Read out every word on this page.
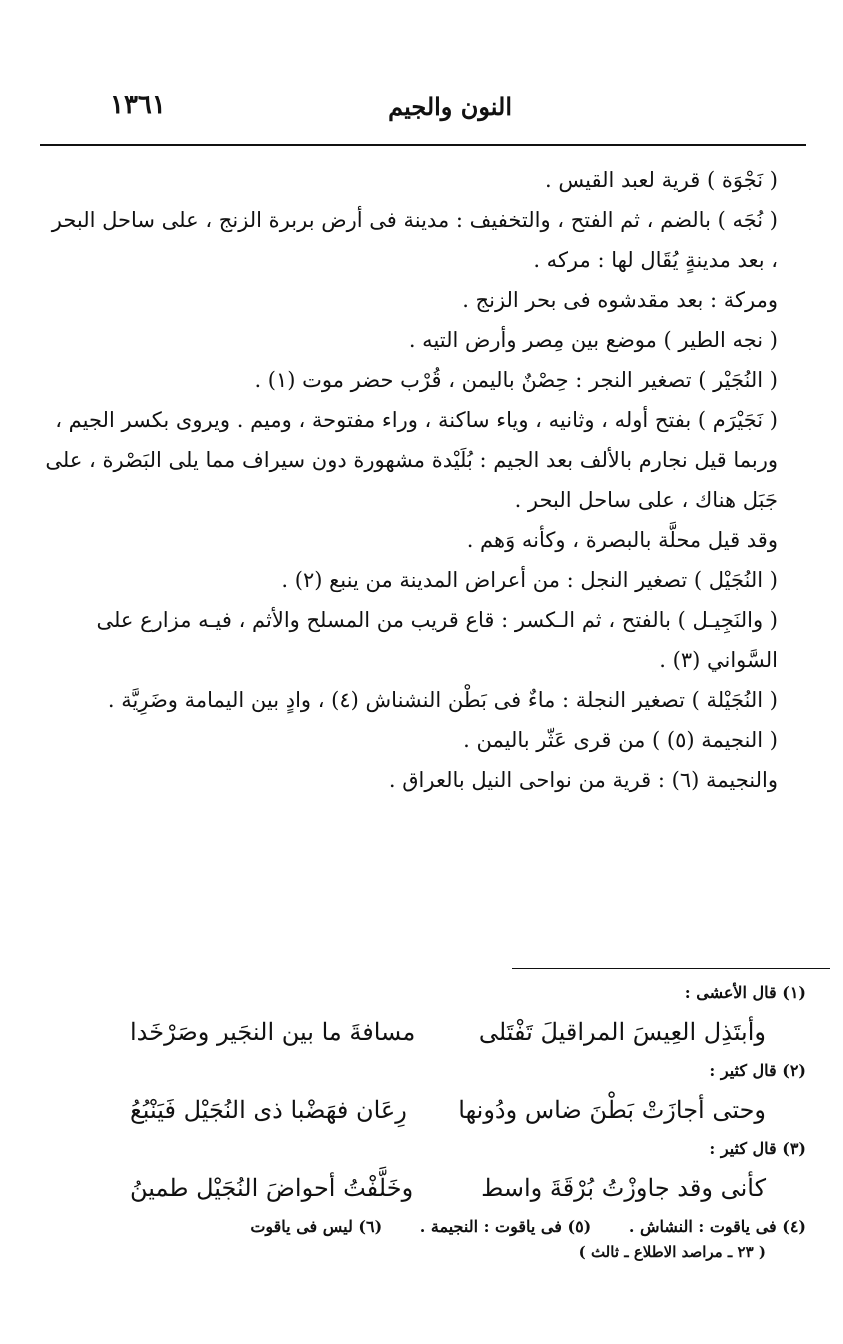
النون والجيم
١٣٦١

( نَجْوَة ) قرية لعبد القيس .

( نُجَه ) بالضم ، ثم الفتح ، والتخفيف : مدينة فى أرض بربرة الزنج ، على ساحل البحر ، بعد مدينةٍ يُقَال لها : مركه .

ومركة : بعد مقدشوه فى بحر الزنج .

( نجه الطير ) موضع بين مِصر وأرض التيه .

( النُجَيْر ) تصغير النجر : حِصْنٌ باليمن ، قُرْب حضر موت (١) .

( نَجَيْرَم ) بفتح أوله ، وثانيه ، وياء ساكنة ، وراء مفتوحة ، وميم . ويروى بكسر الجيم ، وربما قيل نجارم بالألف بعد الجيم : بُلَيْدة مشهورة دون سيراف مما يلى البَصْرة ، على جَبَل هناك ، على ساحل البحر .

وقد قيل محلَّة بالبصرة ، وكأنه وَهم .

( النُجَيْل ) تصغير النجل : من أعراض المدينة من ينبع (٢) .

( والنَجِيـل ) بالفتح ، ثم الـكسر : قاع قريب من المسلح والأثم ، فيـه مزارع على السَّواني (٣) .

( النُجَيْلة ) تصغير النجلة : ماءٌ فى بَطْن النشناش (٤) ، وادٍ بين اليمامة وضَرِيَّة .

( النجيمة (٥) ) من قرى عَثّر باليمن .

والنجيمة (٦) : قرية من نواحى النيل بالعراق .

(١) قال الأعشى :
وأبتَذِل العِيسَ المراقيلَ تَفْتَلى
مسافةَ ما بين النجَير وصَرْخَدا
(٢) قال كثير :
وحتى أجازَتْ بَطْنَ ضاس ودُونها
رِعَان فهَضْبا ذى النُجَيْل فَيَنْبُعُ
(٣) قال كثير :
كأنى وقد جاوزْتُ بُرْقَةَ واسط
وخَلَّفْتُ أحواضَ النُجَيْل طمينُ
(٤) فى ياقوت : النشاش . (٥) فى ياقوت : النجيمة . (٦) ليس فى ياقوت
( ٢٣ ـ مراصد الاطلاع ـ ثالث )
